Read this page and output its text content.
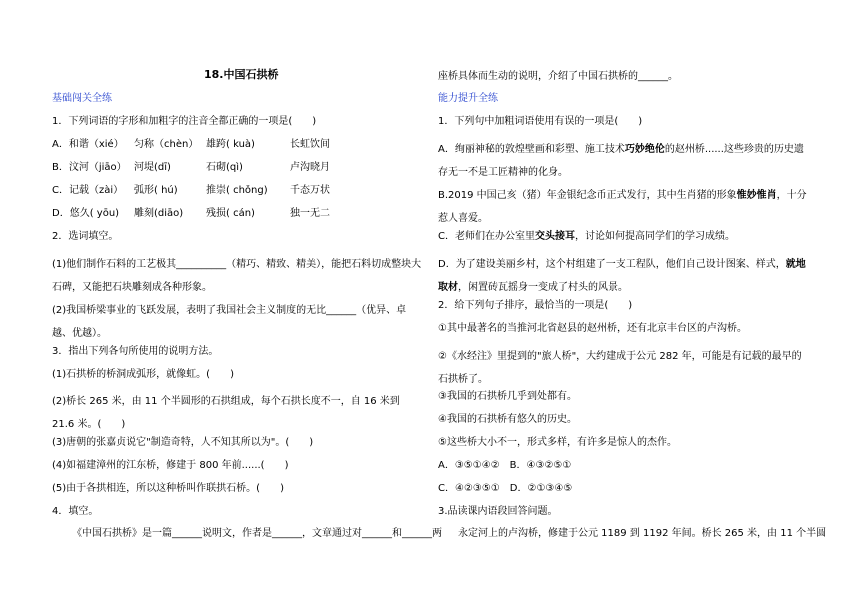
18.中国石拱桥
基础闯关全练
1．下列词语的字形和加粗字的注音全都正确的一项是(　　)
A．和谐（xié） 匀称（chèn） 雄跨( kuà)	长虹饮间
B．汶河（jiāo） 河堤(dī)	石砌(qì)	卢沟晓月
C．记载（zài） 弧形( hú)	推崇( chǒng) 千态万状
D．悠久( yōu) 雕刻(diāo) 残损( cán)	独一无二
2．选词填空。
(1)他们制作石料的工艺极其__________（精巧、精致、精美），能把石料切成整块大石碑，又能把石块雕刻成各种形象。
(2)我国桥梁事业的飞跃发展，表明了我国社会主义制度的无比______（优异、卓越、优越）。
3．指出下列各句所使用的说明方法。
(1)石拱桥的桥洞成弧形，就像虹。(　　)
(2)桥长 265 米，由 11 个半圆形的石拱组成，每个石拱长度不一，自 16 米到 21.6 米。(　　)
(3)唐朝的张嘉贞说它"制造奇特，人不知其所以为"。(　　)
(4)如福建漳州的江东桥，修建于 800 年前......(　　)
(5)由于各拱相连，所以这种桥叫作联拱石桥。(　　)
4．填空。
《中国石拱桥》是一篇______说明文，作者是______，文章通过对______和______两
座桥具体而生动的说明，介绍了中国石拱桥的______。
能力提升全练
1．下列句中加粗词语使用有误的一项是(　　)
A．绚丽神秘的敦煌壁画和彩塑、施工技术巧妙绝伦的赵州桥......这些珍贵的历史遗存无一不是工匠精神的化身。
B.2019 中国己亥（猪）年金银纪念币正式发行，其中生肖猪的形象惟妙惟肖，十分惹人喜爱。
C．老师们在办公室里交头接耳，讨论如何提高同学们的学习成绩。
D．为了建设美丽乡村，这个村组建了一支工程队，他们自己设计图案、样式，就地取材，闲置砖瓦摇身一变成了村头的风景。
2．给下列句子排序，最恰当的一项是(　　)
①其中最著名的当推河北省赵县的赵州桥，还有北京丰台区的卢沟桥。
②《水经注》里提到的"旅人桥"，大约建成于公元 282 年，可能是有记载的最早的石拱桥了。
③我国的石拱桥几乎到处都有。
④我国的石拱桥有悠久的历史。
⑤这些桥大小不一，形式多样，有许多是惊人的杰作。
A．③⑤①④②　B．④③②⑤①
C．④②③⑤①　D．②①③④⑤
3.品读课内语段回答问题。
永定河上的卢沟桥，修建于公元 1189 到 1192 年间。桥长 265 米，由 11 个半圆
